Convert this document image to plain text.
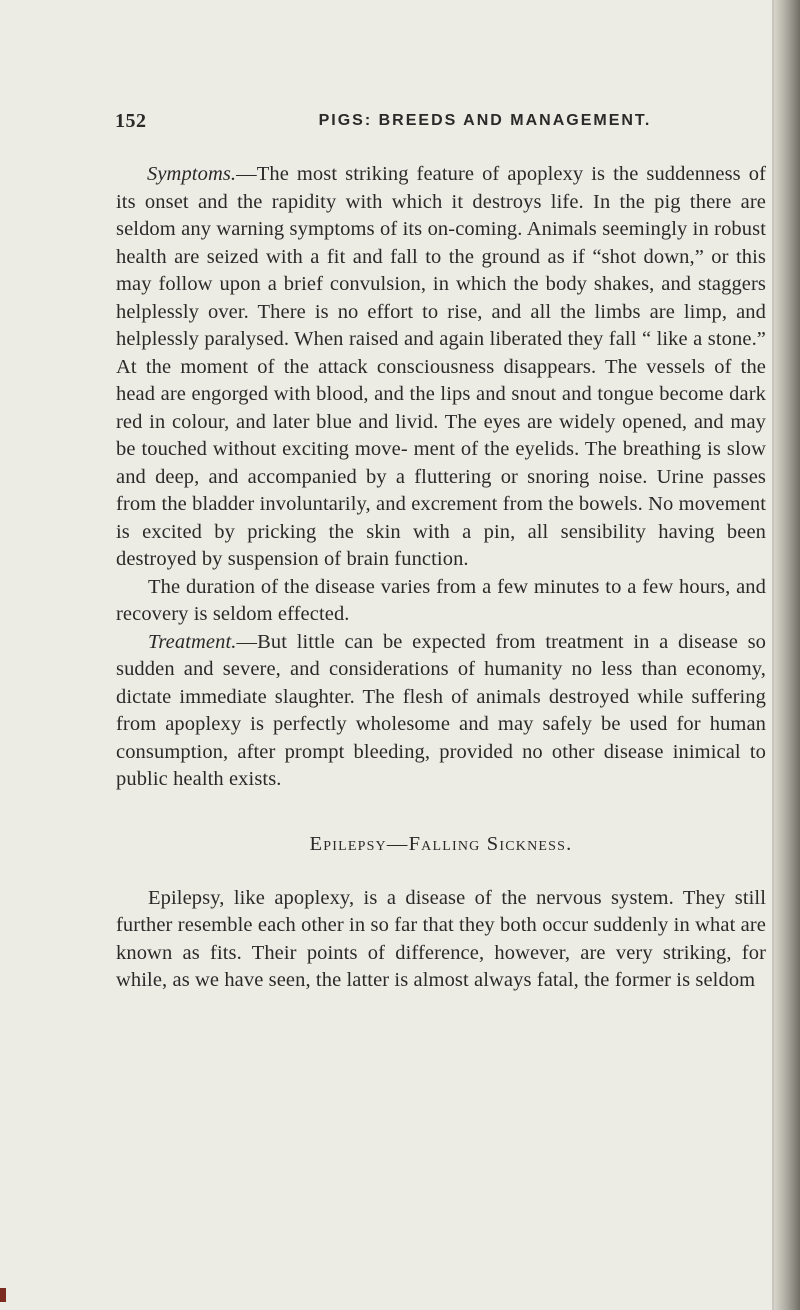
152	PIGS: BREEDS AND MANAGEMENT.

Symptoms.—The most striking feature of apoplexy is the suddenness of its onset and the rapidity with which it destroys life. In the pig there are seldom any warning symptoms of its on-coming. Animals seemingly in robust health are seized with a fit and fall to the ground as if “shot down,” or this may follow upon a brief convulsion, in which the body shakes, and staggers helplessly over. There is no effort to rise, and all the limbs are limp, and helplessly paralysed. When raised and again liberated they fall “ like a stone.” At the moment of the attack consciousness disappears. The vessels of the head are engorged with blood, and the lips and snout and tongue become dark red in colour, and later blue and livid. The eyes are widely opened, and may be touched without exciting move- ment of the eyelids. The breathing is slow and deep, and accompanied by a fluttering or snoring noise. Urine passes from the bladder involuntarily, and excrement from the bowels. No movement is excited by pricking the skin with a pin, all sensibility having been destroyed by suspension of brain function.

The duration of the disease varies from a few minutes to a few hours, and recovery is seldom effected.

Treatment.—But little can be expected from treatment in a disease so sudden and severe, and considerations of humanity no less than economy, dictate immediate slaughter. The flesh of animals destroyed while suffering from apoplexy is perfectly wholesome and may safely be used for human consumption, after prompt bleeding, provided no other disease inimical to public health exists.

Epilepsy—Falling Sickness.

Epilepsy, like apoplexy, is a disease of the nervous system. They still further resemble each other in so far that they both occur suddenly in what are known as fits. Their points of difference, however, are very striking, for while, as we have seen, the latter is almost always fatal, the former is seldom
